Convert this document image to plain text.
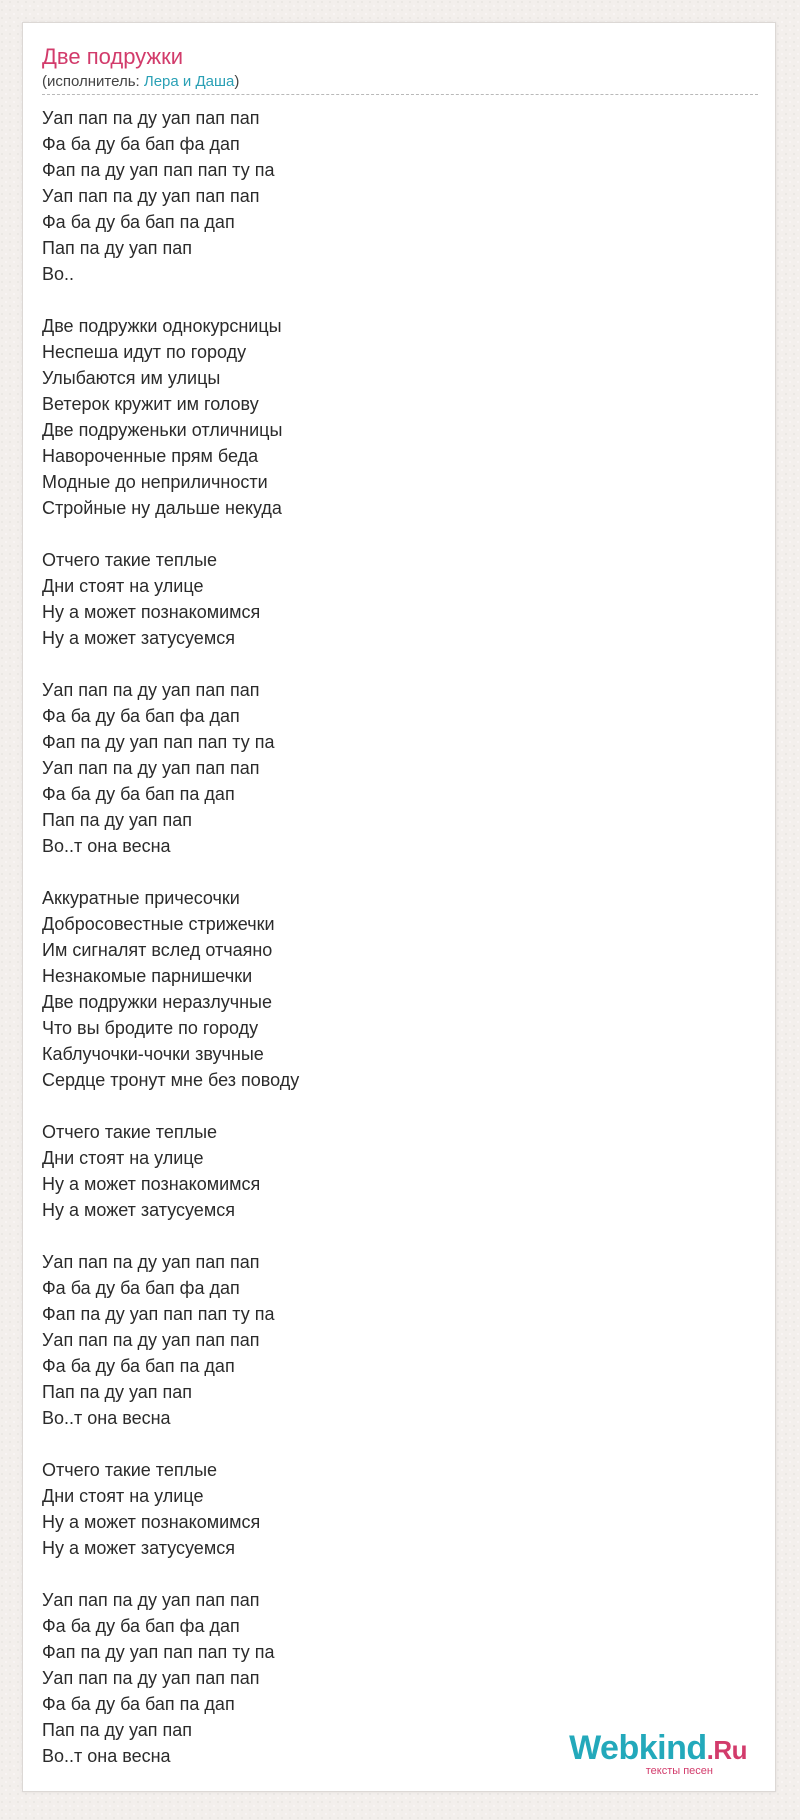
Две подружки
(исполнитель: Лера и Даша)
Уап пап па ду уап пап пап
Фа ба ду ба бап фа дап
Фап па ду уап пап пап ту па
Уап пап па ду уап пап пап
Фа ба ду ба бап па дап
Пап па ду уап пап
Во..
Две подружки однокурсницы
Неспеша идут по городу
Улыбаются им улицы
Ветерок кружит им голову
Две подруженьки отличницы
Навороченные прям беда
Модные до неприличности
Стройные ну дальше некуда
Отчего такие теплые
Дни стоят на улице
Ну а может познакомимся
Ну а может затусуемся
Уап пап па ду уап пап пап
Фа ба ду ба бап фа дап
Фап па ду уап пап пап ту па
Уап пап па ду уап пап пап
Фа ба ду ба бап па дап
Пап па ду уап пап
Во..т она весна
Аккуратные причесочки
Добросовестные стрижечки
Им сигналят вслед отчаяно
Незнакомые парнишечки
Две подружки неразлучные
Что вы бродите по городу
Каблучочки-чочки звучные
Сердце тронут мне без поводу
Отчего такие теплые
Дни стоят на улице
Ну а может познакомимся
Ну а может затусуемся
Уап пап па ду уап пап пап
Фа ба ду ба бап фа дап
Фап па ду уап пап пап ту па
Уап пап па ду уап пап пап
Фа ба ду ба бап па дап
Пап па ду уап пап
Во..т она весна
Отчего такие теплые
Дни стоят на улице
Ну а может познакомимся
Ну а может затусуемся
Уап пап па ду уап пап пап
Фа ба ду ба бап фа дап
Фап па ду уап пап пап ту па
Уап пап па ду уап пап пап
Фа ба ду ба бап па дап
Пап па ду уап пап
Во..т она весна	Webkind.Ru
тексты песен
